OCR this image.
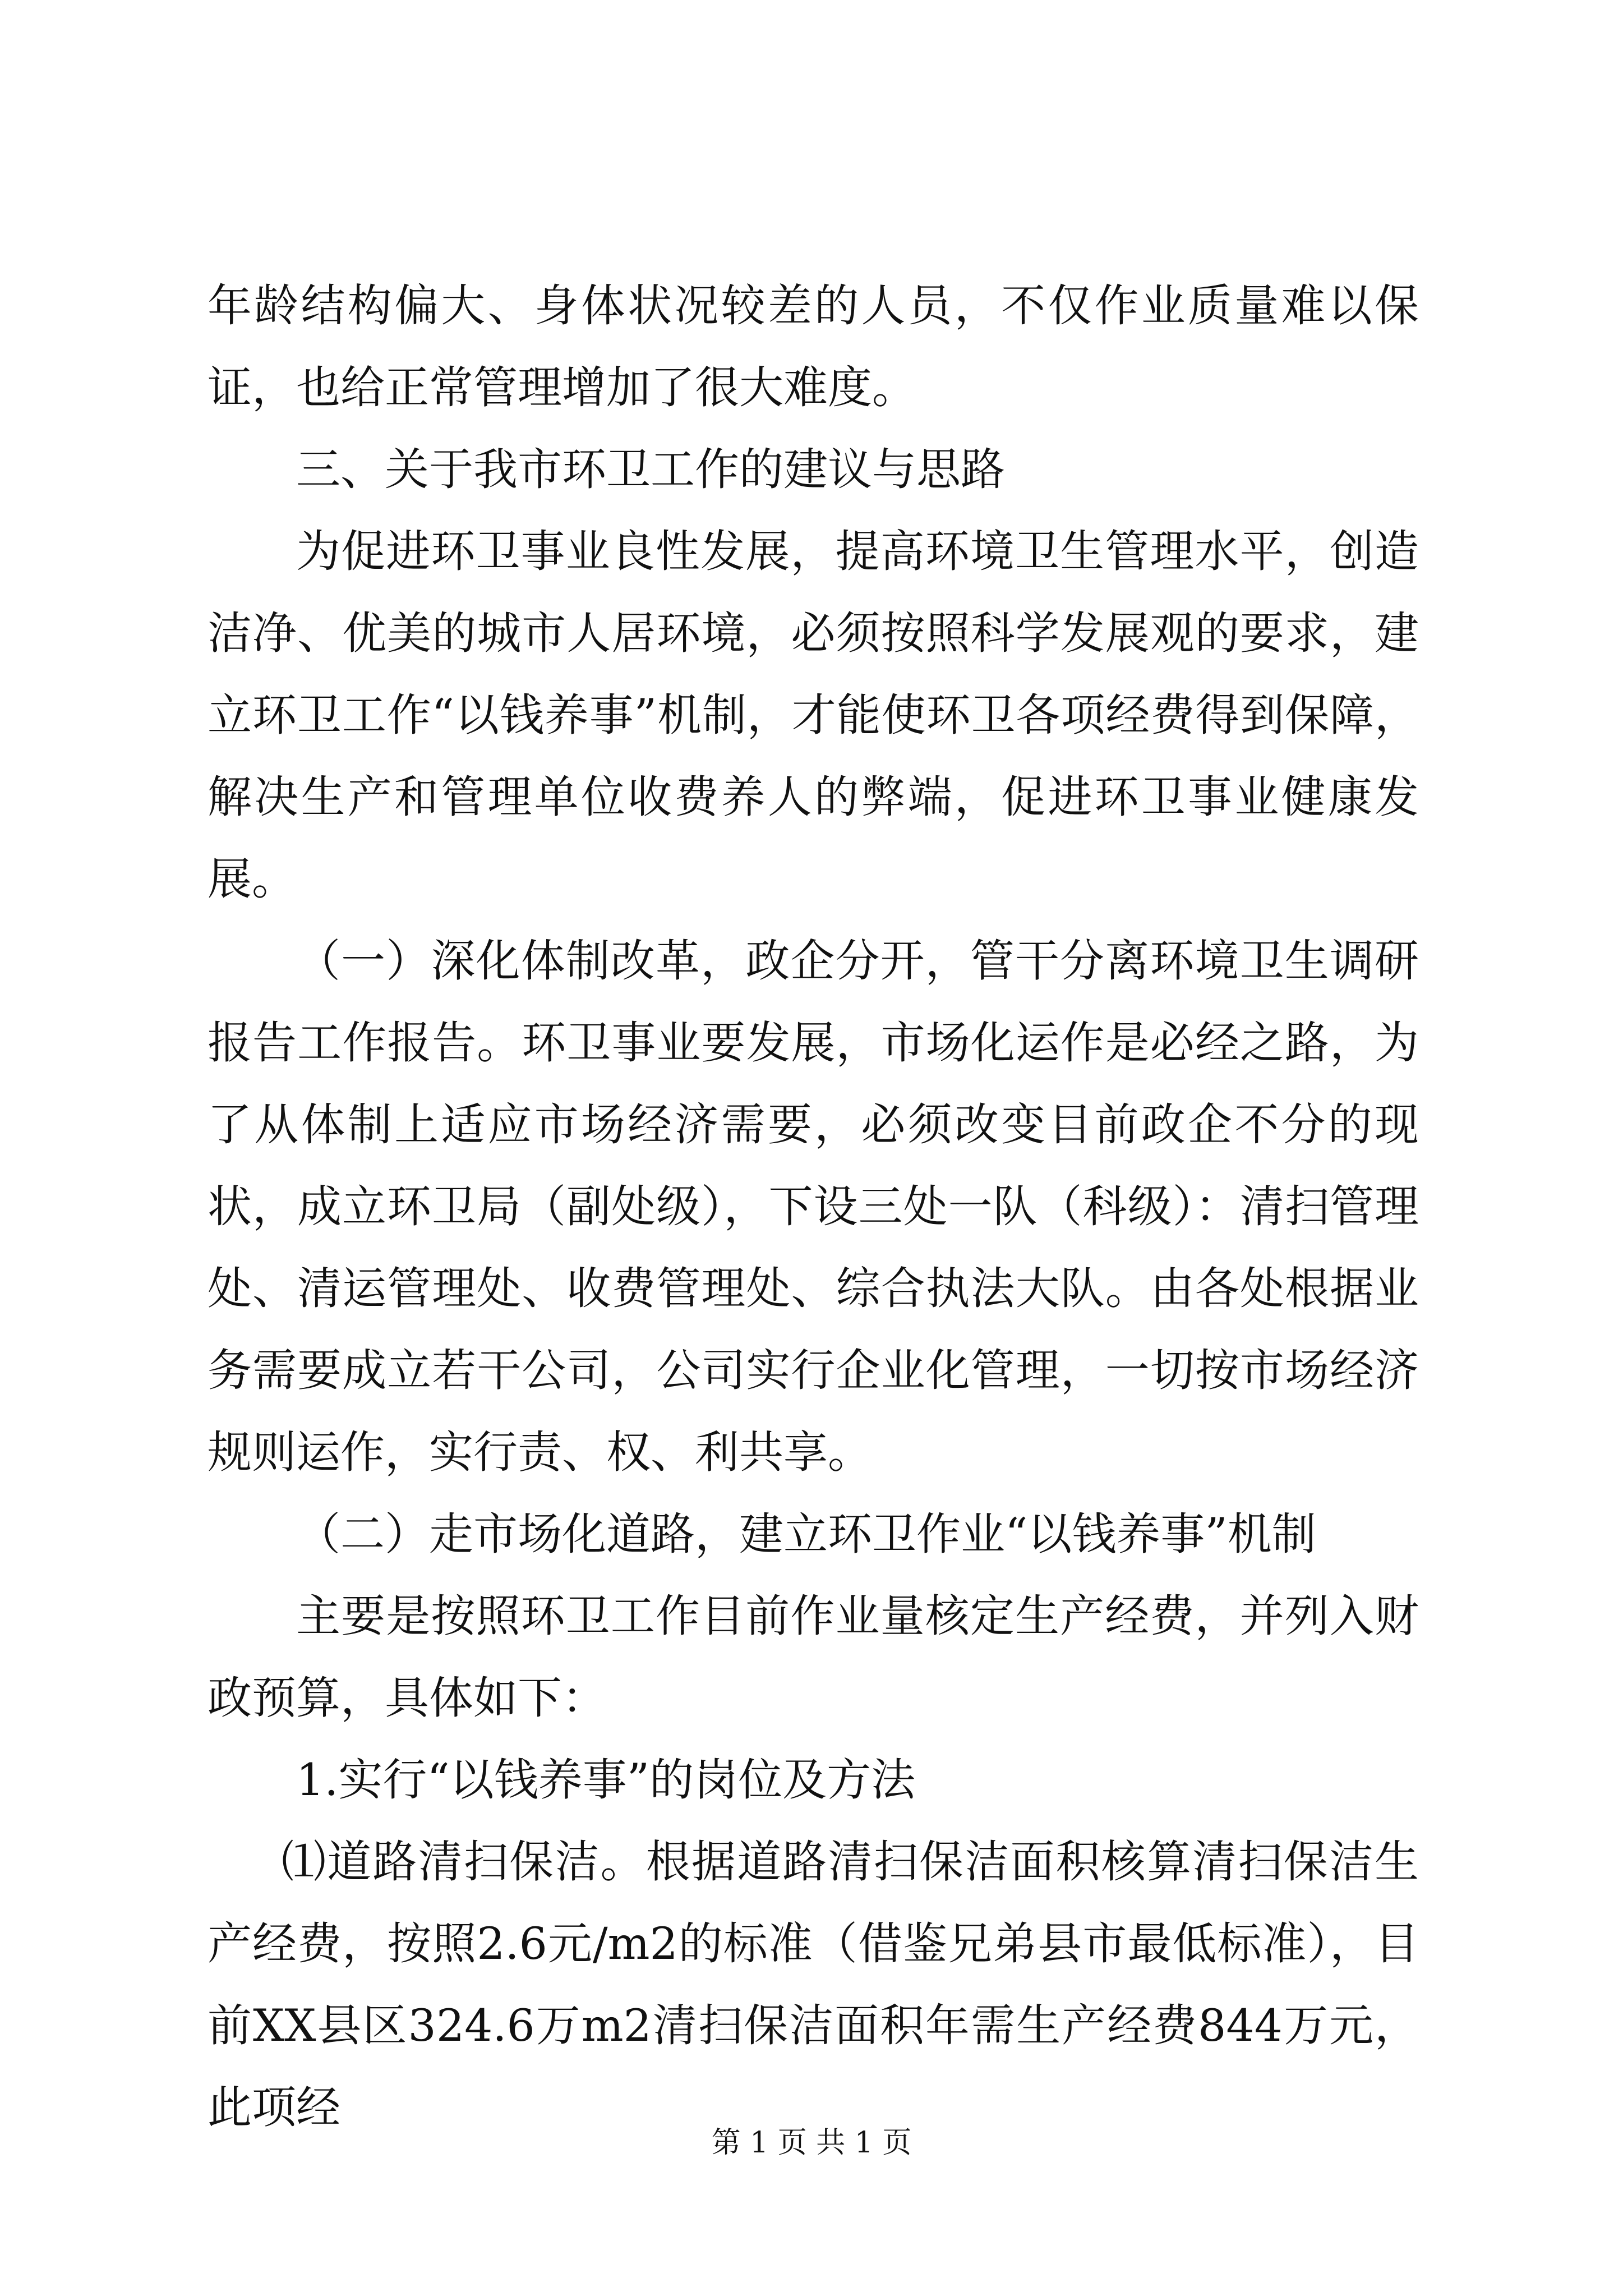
年龄结构偏大、身体状况较差的人员，不仅作业质量难以保证，也给正常管理增加了很大难度。

三、关于我市环卫工作的建议与思路

为促进环卫事业良性发展，提高环境卫生管理水平，创造洁净、优美的城市人居环境，必须按照科学发展观的要求，建立环卫工作“以钱养事”机制，才能使环卫各项经费得到保障，解决生产和管理单位收费养人的弊端，促进环卫事业健康发展。

（一）深化体制改革，政企分开，管干分离环境卫生调研报告工作报告。环卫事业要发展，市场化运作是必经之路，为了从体制上适应市场经济需要，必须改变目前政企不分的现状，成立环卫局（副处级），下设三处一队（科级）：清扫管理处、清运管理处、收费管理处、综合执法大队。由各处根据业务需要成立若干公司，公司实行企业化管理，一切按市场经济规则运作，实行责、权、利共享。

（二）走市场化道路，建立环卫作业“以钱养事”机制

主要是按照环卫工作目前作业量核定生产经费，并列入财政预算，具体如下：

1.实行“以钱养事”的岗位及方法

⑴道路清扫保洁。根据道路清扫保洁面积核算清扫保洁生产经费，按照2.6元/m2的标准（借鉴兄弟县市最低标准），目前XX县区324.6万m2清扫保洁面积年需生产经费844万元，此项经

第 1 页 共 1 页
